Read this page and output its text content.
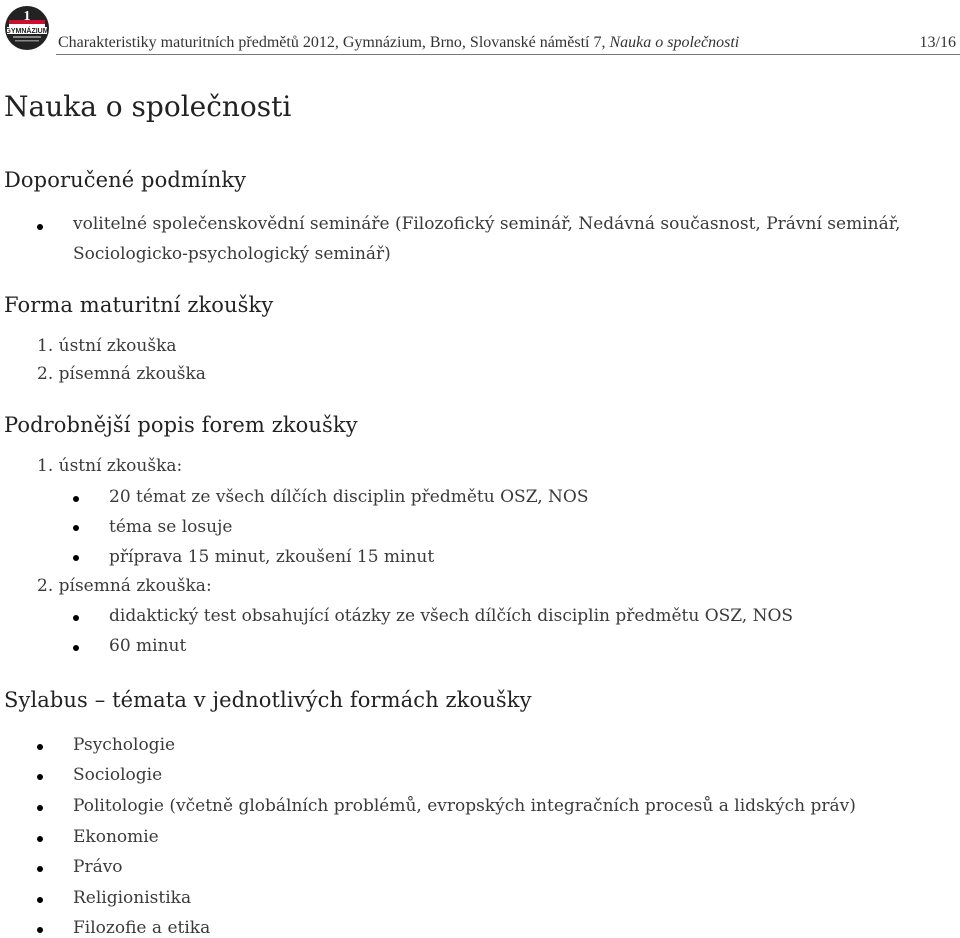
1
GYMNÁZIUM
Charakteristiky maturitních předmětů 2012, Gymnázium, Brno, Slovanské náměstí 7, Nauka o společnosti	13/16
Nauka o společnosti
Doporučené podmínky
volitelné společenskovědní semináře (Filozofický seminář, Nedávná současnost, Právní seminář,
Sociologicko-psychologický seminář)
Forma maturitní zkoušky
1. ústní zkouška
2. písemná zkouška
Podrobnější popis forem zkoušky
1. ústní zkouška:
20 témat ze všech dílčích disciplin předmětu OSZ, NOS
téma se losuje
příprava 15 minut, zkoušení 15 minut
2. písemná zkouška:
didaktický test obsahující otázky ze všech dílčích disciplin předmětu OSZ, NOS
60 minut
Sylabus – témata v jednotlivých formách zkoušky
Psychologie
Sociologie
Politologie (včetně globálních problémů, evropských integračních procesů a lidských práv)
Ekonomie
Právo
Religionistika
Filozofie a etika
